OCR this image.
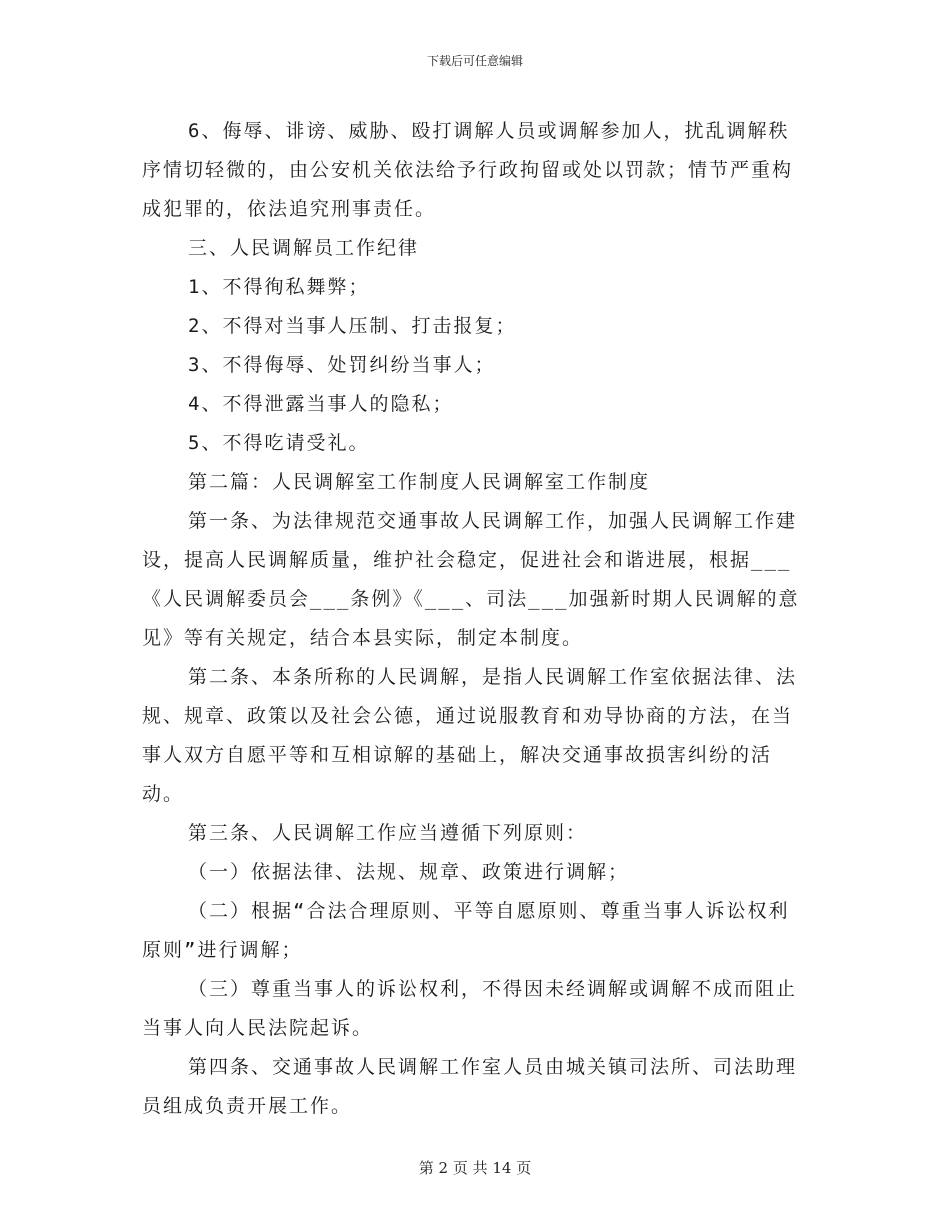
下载后可任意编辑

6、侮辱、诽谤、威胁、殴打调解人员或调解参加人，扰乱调解秩序情切轻微的，由公安机关依法给予行政拘留或处以罚款；情节严重构成犯罪的，依法追究刑事责任。

三、人民调解员工作纪律

1、不得徇私舞弊；

2、不得对当事人压制、打击报复；

3、不得侮辱、处罚纠纷当事人；

4、不得泄露当事人的隐私；

5、不得吃请受礼。

第二篇：人民调解室工作制度人民调解室工作制度

第一条、为法律规范交通事故人民调解工作，加强人民调解工作建设，提高人民调解质量，维护社会稳定，促进社会和谐进展，根据___《人民调解委员会___条例》《___、司法___加强新时期人民调解的意见》等有关规定，结合本县实际，制定本制度。

第二条、本条所称的人民调解，是指人民调解工作室依据法律、法规、规章、政策以及社会公德，通过说服教育和劝导协商的方法，在当事人双方自愿平等和互相谅解的基础上，解决交通事故损害纠纷的活动。

第三条、人民调解工作应当遵循下列原则：

（一）依据法律、法规、规章、政策进行调解；

（二）根据“合法合理原则、平等自愿原则、尊重当事人诉讼权利原则”进行调解；

（三）尊重当事人的诉讼权利，不得因未经调解或调解不成而阻止当事人向人民法院起诉。

第四条、交通事故人民调解工作室人员由城关镇司法所、司法助理员组成负责开展工作。

第 2 页 共 14 页
